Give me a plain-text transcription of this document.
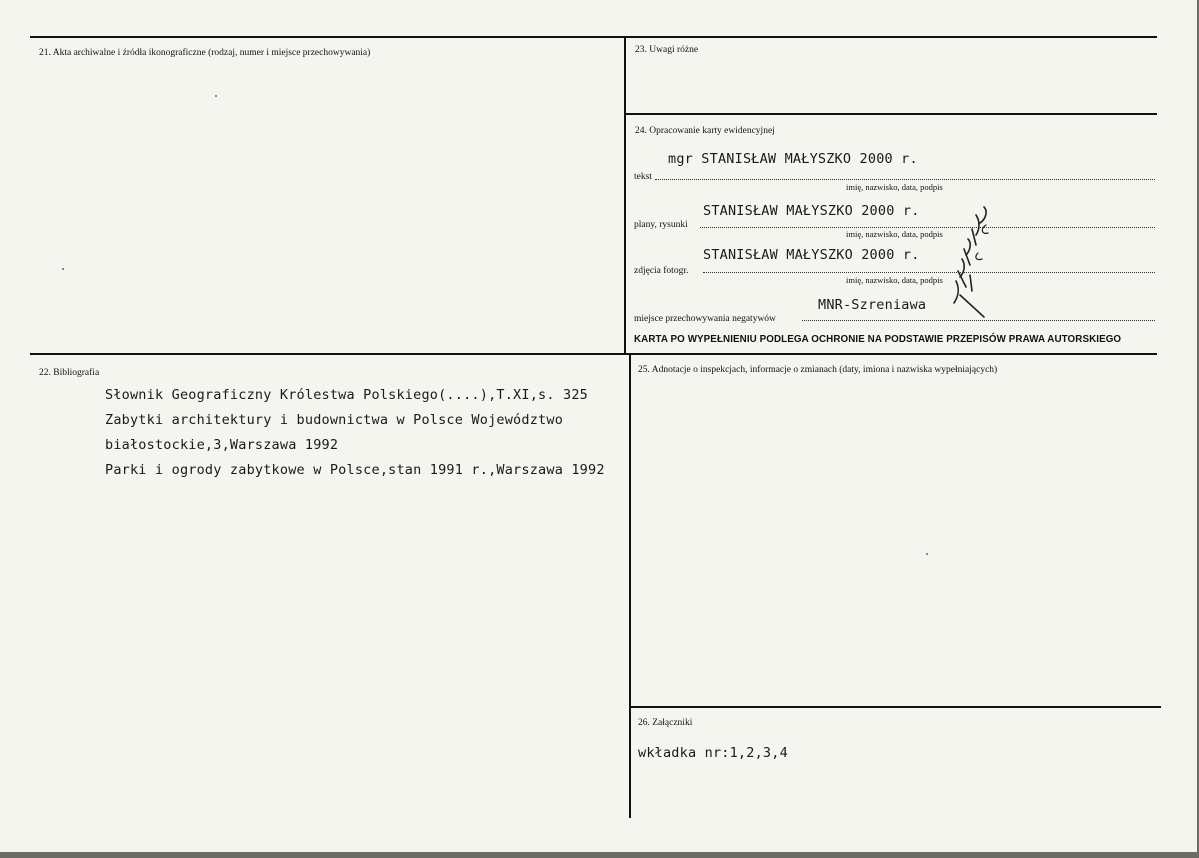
21. Akta archiwalne i źródła ikonograficzne (rodzaj, numer i miejsce przechowywania)	23. Uwagi różne
24. Opracowanie karty ewidencyjnej
mgr STANISŁAW MAŁYSZKO 2000 r.
tekst
imię, nazwisko, data, podpis
STANISŁAW MAŁYSZKO 2000 r.
plany, rysunki
imię, nazwisko, data, podpis
STANISŁAW MAŁYSZKO 2000 r.
zdjęcia fotogr.
imię, nazwisko, data, podpis
MNR-Szreniawa
miejsce przechowywania negatywów
KARTA PO WYPEŁNIENIU PODLEGA OCHRONIE NA PODSTAWIE PRZEPISÓW PRAWA AUTORSKIEGO
22. Bibliografia
Słownik Geograficzny Królestwa Polskiego(....),T.XI,s. 325
Zabytki architektury i budownictwa w Polsce Województwo
białostockie,3,Warszawa 1992
Parki i ogrody zabytkowe w Polsce,stan 1991 r.,Warszawa 1992
25. Adnotacje o inspekcjach, informacje o zmianach (daty, imiona i nazwiska wypełniających)
26. Załączniki
wkładka nr:1,2,3,4
